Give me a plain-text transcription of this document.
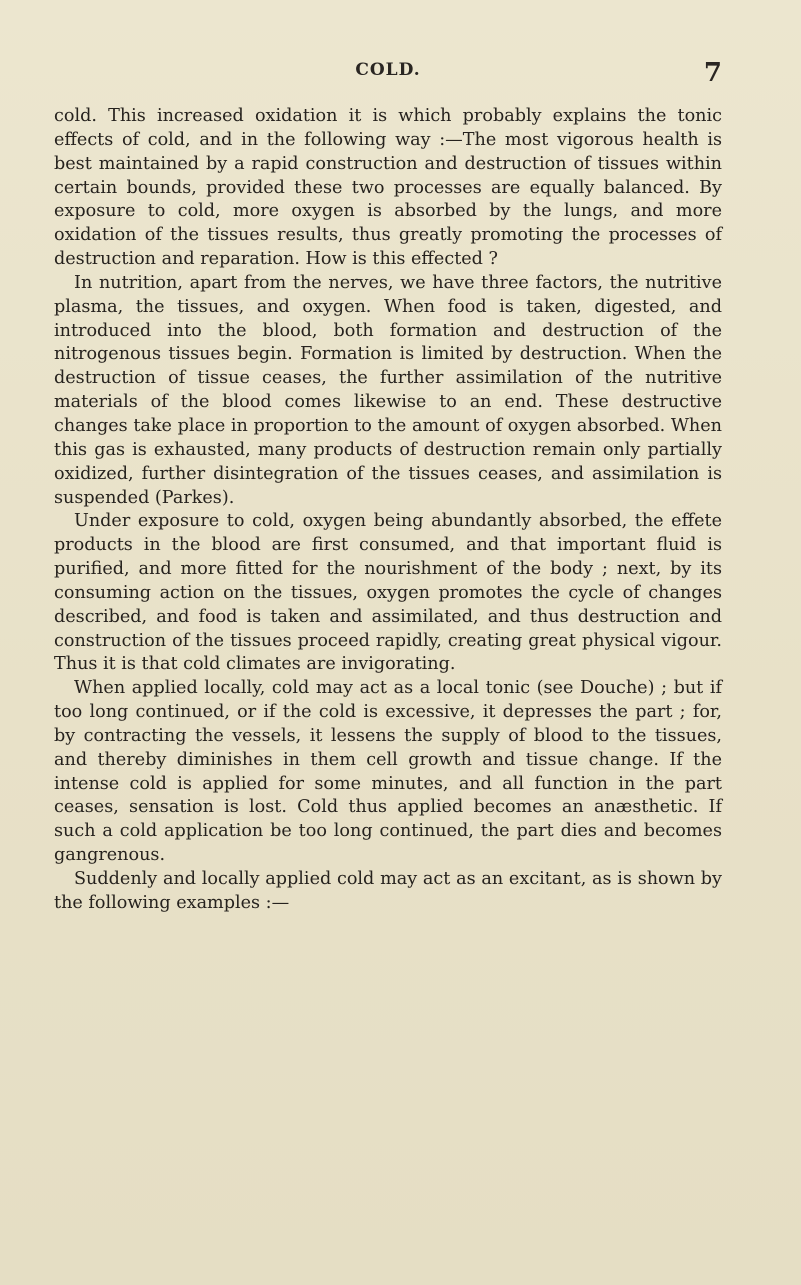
COLD.	7

cold. This increased oxidation it is which probably explains the tonic effects of cold, and in the following way :—The most vigorous health is best maintained by a rapid construction and destruction of tissues within certain bounds, provided these two processes are equally balanced. By exposure to cold, more oxygen is absorbed by the lungs, and more oxidation of the tissues results, thus greatly promoting the processes of destruction and reparation. How is this effected ?

In nutrition, apart from the nerves, we have three factors, the nutritive plasma, the tissues, and oxygen. When food is taken, digested, and introduced into the blood, both formation and destruction of the nitrogenous tissues begin. Formation is limited by destruction. When the destruction of tissue ceases, the further assimilation of the nutritive materials of the blood comes likewise to an end. These destructive changes take place in proportion to the amount of oxygen absorbed. When this gas is exhausted, many products of destruction remain only partially oxidized, further disintegration of the tissues ceases, and assimilation is suspended (Parkes).

Under exposure to cold, oxygen being abundantly absorbed, the effete products in the blood are first consumed, and that important fluid is purified, and more fitted for the nourishment of the body ; next, by its consuming action on the tissues, oxygen promotes the cycle of changes described, and food is taken and assimilated, and thus destruction and construction of the tissues proceed rapidly, creating great physical vigour. Thus it is that cold climates are invigorating.

When applied locally, cold may act as a local tonic (see Douche) ; but if too long continued, or if the cold is excessive, it depresses the part ; for, by contracting the vessels, it lessens the supply of blood to the tissues, and thereby diminishes in them cell growth and tissue change. If the intense cold is applied for some minutes, and all function in the part ceases, sensation is lost. Cold thus applied becomes an anæsthetic. If such a cold application be too long continued, the part dies and becomes gangrenous.

Suddenly and locally applied cold may act as an excitant, as is shown by the following examples :—
